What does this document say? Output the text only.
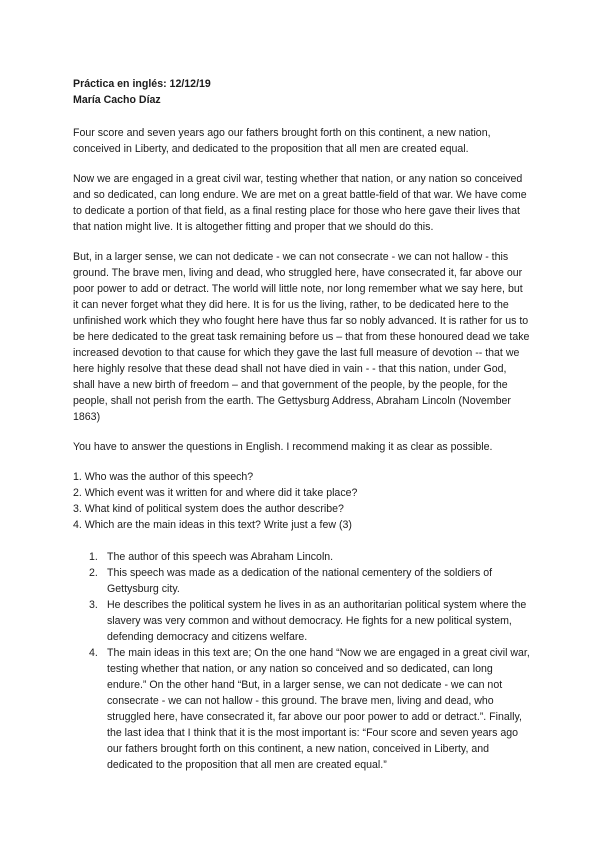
Práctica en inglés: 12/12/19

María Cacho Díaz

Four score and seven years ago our fathers brought forth on this continent, a new nation, conceived in Liberty, and dedicated to the proposition that all men are created equal.

Now we are engaged in a great civil war, testing whether that nation, or any nation so conceived and so dedicated, can long endure. We are met on a great battle-field of that war. We have come to dedicate a portion of that field, as a final resting place for those who here gave their lives that that nation might live. It is altogether fitting and proper that we should do this.

But, in a larger sense, we can not dedicate - we can not consecrate - we can not hallow - this ground. The brave men, living and dead, who struggled here, have consecrated it, far above our poor power to add or detract. The world will little note, nor long remember what we say here, but it can never forget what they did here. It is for us the living, rather, to be dedicated here to the unfinished work which they who fought here have thus far so nobly advanced. It is rather for us to be here dedicated to the great task remaining before us – that from these honoured dead we take increased devotion to that cause for which they gave the last full measure of devotion -- that we here highly resolve that these dead shall not have died in vain - - that this nation, under God, shall have a new birth of freedom – and that government of the people, by the people, for the people, shall not perish from the earth. The Gettysburg Address, Abraham Lincoln (November 1863)

You have to answer the questions in English. I recommend making it as clear as possible.

1. Who was the author of this speech?
2. Which event was it written for and where did it take place?
3. What kind of political system does the author describe?
4. Which are the main ideas in this text? Write just a few (3)
1. The author of this speech was Abraham Lincoln.
2. This speech was made as a dedication of the national cementery of the soldiers of Gettysburg city.
3. He describes the political system he lives in as an authoritarian political system where the slavery was very common and without democracy. He fights for a new political system, defending democracy and citizens welfare.
4. The main ideas in this text are; On the one hand “Now we are engaged in a great civil war, testing whether that nation, or any nation so conceived and so dedicated, can long endure.” On the other hand “But, in a larger sense, we can not dedicate - we can not consecrate - we can not hallow - this ground. The brave men, living and dead, who struggled here, have consecrated it, far above our poor power to add or detract.”. Finally, the last idea that I think that it is the most important is: “Four score and seven years ago our fathers brought forth on this continent, a new nation, conceived in Liberty, and dedicated to the proposition that all men are created equal.”
